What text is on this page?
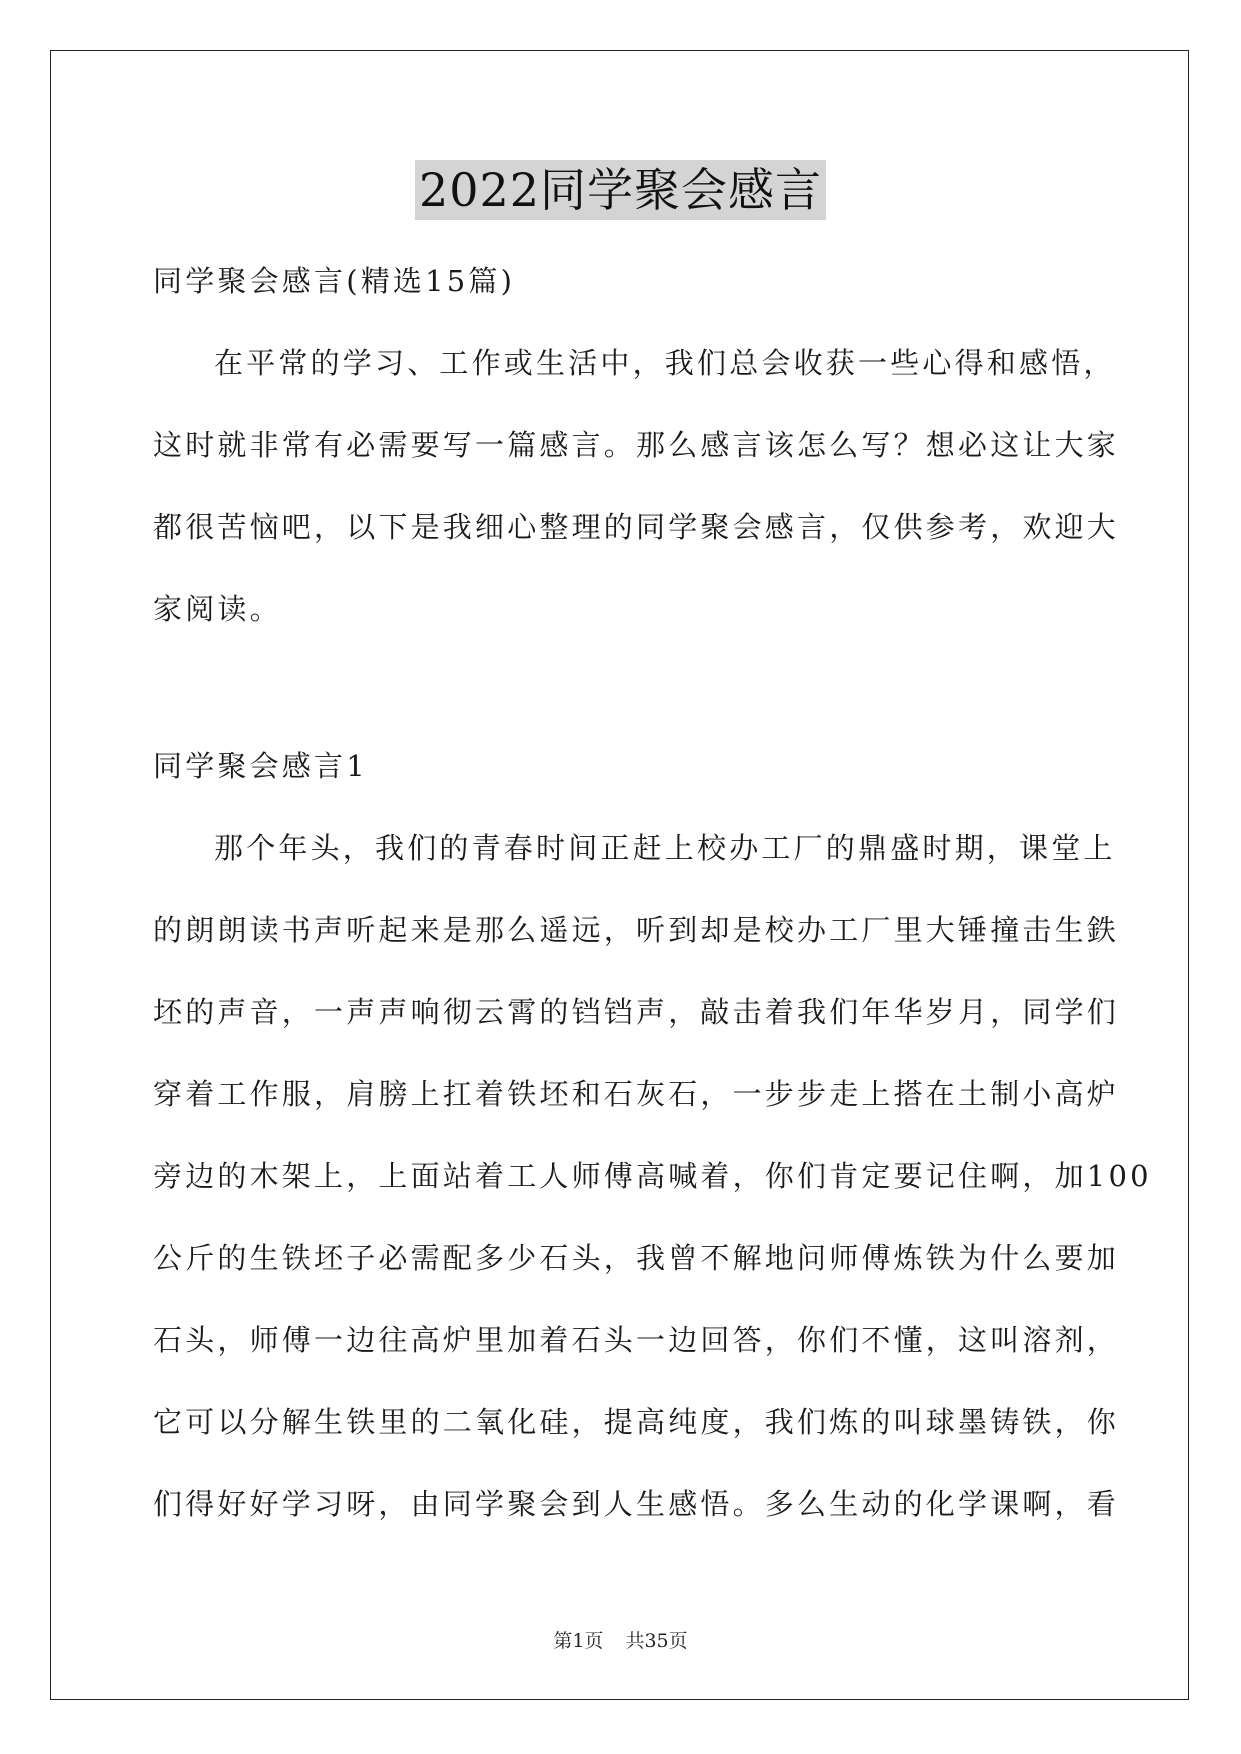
2022同学聚会感言
同学聚会感言(精选15篇)
在平常的学习、工作或生活中，我们总会收获一些心得和感悟，
这时就非常有必需要写一篇感言。那么感言该怎么写？想必这让大家
都很苦恼吧，以下是我细心整理的同学聚会感言，仅供参考，欢迎大
家阅读。
同学聚会感言1
那个年头，我们的青春时间正赶上校办工厂的鼎盛时期，课堂上
的朗朗读书声听起来是那么遥远，听到却是校办工厂里大锤撞击生鉄
坯的声音，一声声响彻云霄的铛铛声，敲击着我们年华岁月，同学们
穿着工作服，肩膀上扛着铁坯和石灰石，一步步走上搭在土制小高炉
旁边的木架上，上面站着工人师傅高喊着，你们肯定要记住啊，加100
公斤的生铁坯子必需配多少石头，我曾不解地问师傅炼铁为什么要加
石头，师傅一边往高炉里加着石头一边回答，你们不懂，这叫溶剂，
它可以分解生铁里的二氧化硅，提高纯度，我们炼的叫球墨铸铁，你
们得好好学习呀，由同学聚会到人生感悟。多么生动的化学课啊，看
第1页 共35页
